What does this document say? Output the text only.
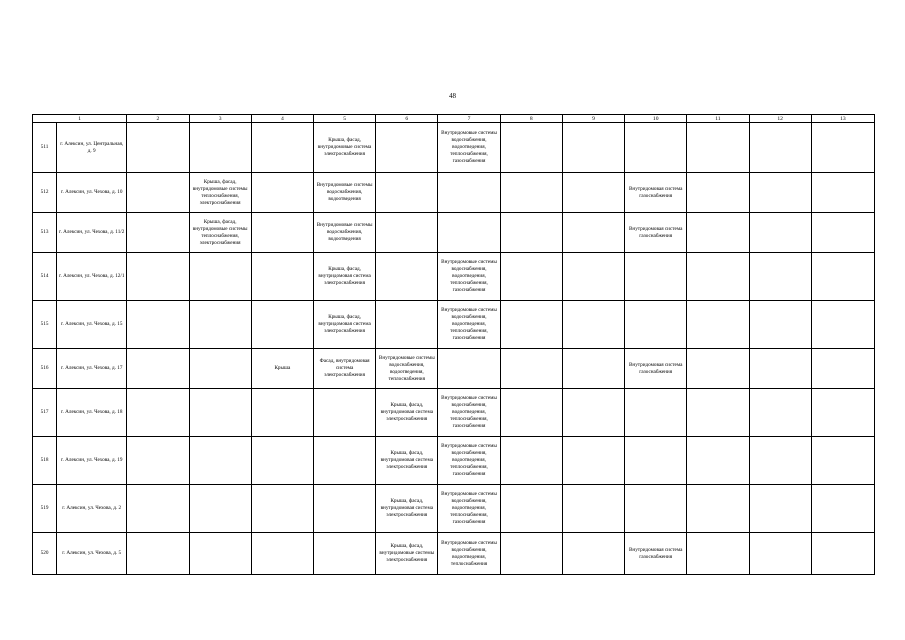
48
1		2	3	4	5	6	7	8	9	10	11	12	13
511	г. Алексин, ул. Центральная, д. 9				Крыша, фасад, внутридомовые система электроснабжения		Внутридомовые системы водоснабжения, водоотведения, теплоснабжения, газоснабжения						
512	г. Алексин, ул. Чехова, д. 10		Крыша, фасад, внутридомовые системы теплоснабжения, электроснабжения		Внутридомовые системы водоснабжения, водоотведения					Внутридомовая система газоснабжения			
513	г. Алексин, ул. Чехова, д. 11/2		Крыша, фасад, внутридомовые системы теплоснабжения, электроснабжения		Внутридомовые системы водоснабжения, водоотведения					Внутридомовая система газоснабжения			
514	г. Алексин, ул. Чехова, д. 12/1				Крыша, фасад, внутридомовая система электроснабжения		Внутридомовые системы водоснабжения, водоотведения, теплоснабжения, газоснабжения						
515	г. Алексин, ул. Чехова, д. 15				Крыша, фасад, внутридомовая система электроснабжения		Внутридомовые системы водоснабжения, водоотведения, теплоснабжения, газоснабжения						
516	г. Алексин, ул. Чехова, д. 17			Крыша	Фасад, внутридомовая система электроснабжения	Внутридомовые системы водоснабжения, водоотведения, теплоснабжения				Внутридомовая система газоснабжения			
517	г. Алексин, ул. Чехова, д. 18					Крыша, фасад, внутридомовая система электроснабжения	Внутридомовые системы водоснабжения, водоотведения, теплоснабжения, газоснабжения						
518	г. Алексин, ул. Чехова, д. 19					Крыша, фасад, внутридомовая система электроснабжения	Внутридомовые системы водоснабжения, водоотведения, теплоснабжения, газоснабжения						
519	г. Алексин, ул. Чехова, д. 2					Крыша, фасад, внутридомовая система электроснабжения	Внутридомовые системы водоснабжения, водоотведения, теплоснабжения, газоснабжения						
520	г. Алексин, ул. Чехова, д. 5					Крыша, фасад, внутридомовые системы электроснабжения	Внутридомовые системы водоснабжения, водоотведения, теплоснабжения			Внутридомовая система газоснабжения			
